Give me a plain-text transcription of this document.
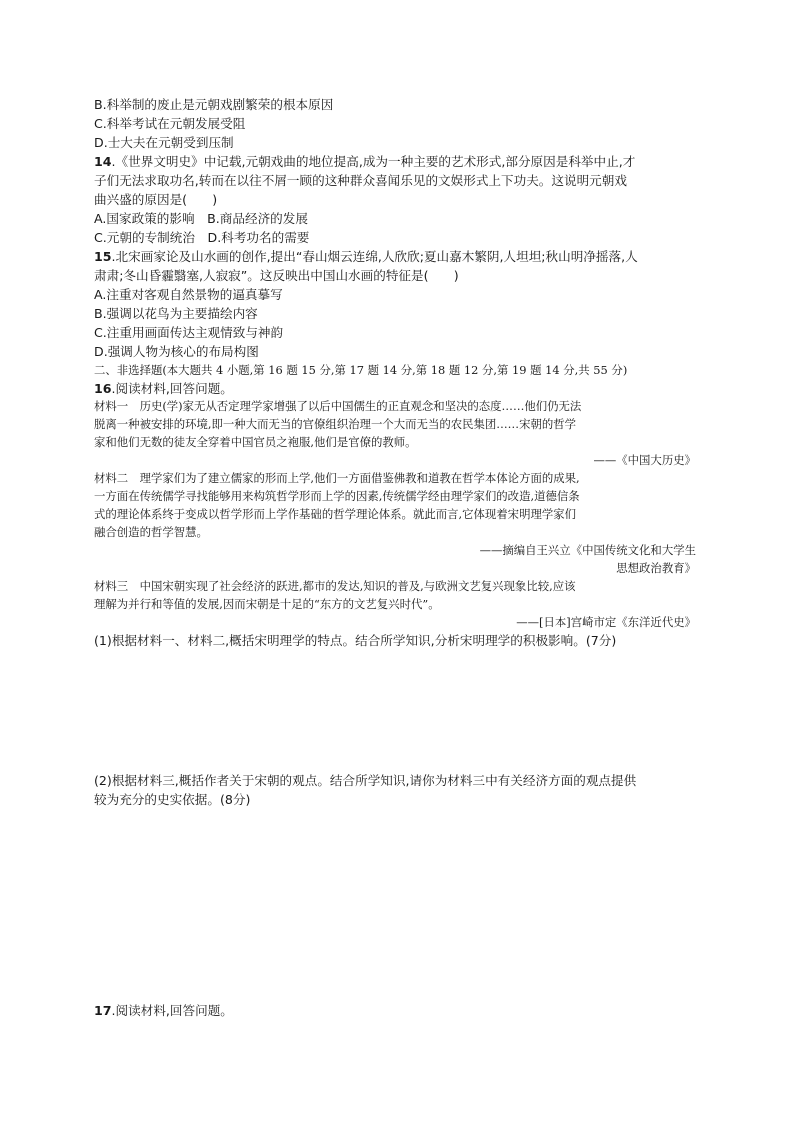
B.科举制的废止是元朝戏剧繁荣的根本原因
C.科举考试在元朝发展受阻
D.士大夫在元朝受到压制
14.《世界文明史》中记载,元朝戏曲的地位提高,成为一种主要的艺术形式,部分原因是科举中止,才
子们无法求取功名,转而在以往不屑一顾的这种群众喜闻乐见的文娱形式上下功夫。这说明元朝戏
曲兴盛的原因是(　　)
A.国家政策的影响　B.商品经济的发展
C.元朝的专制统治　D.科考功名的需要
15.北宋画家论及山水画的创作,提出“春山烟云连绵,人欣欣;夏山嘉木繁阴,人坦坦;秋山明净摇落,人
肃肃;冬山昏霾翳塞,人寂寂”。这反映出中国山水画的特征是(　　)
A.注重对客观自然景物的逼真摹写
B.强调以花鸟为主要描绘内容
C.注重用画面传达主观情致与神韵
D.强调人物为核心的布局构图
二、非选择题(本大题共 4 小题,第 16 题 15 分,第 17 题 14 分,第 18 题 12 分,第 19 题 14 分,共 55 分)
16.阅读材料,回答问题。
材料一　历史(学)家无从否定理学家增强了以后中国儒生的正直观念和坚决的态度……他们仍无法
脱离一种被安排的环境,即一种大而无当的官僚组织治理一个大而无当的农民集团……宋朝的哲学
家和他们无数的徒友全穿着中国官员之袍服,他们是官僚的教师。
——《中国大历史》
材料二　理学家们为了建立儒家的形而上学,他们一方面借鉴佛教和道教在哲学本体论方面的成果,
一方面在传统儒学寻找能够用来构筑哲学形而上学的因素,传统儒学经由理学家们的改造,道德信条
式的理论体系终于变成以哲学形而上学作基础的哲学理论体系。就此而言,它体现着宋明理学家们
融合创造的哲学智慧。
——摘编自王兴立《中国传统文化和大学生
思想政治教育》
材料三　中国宋朝实现了社会经济的跃进,都市的发达,知识的普及,与欧洲文艺复兴现象比较,应该
理解为并行和等值的发展,因而宋朝是十足的“东方的文艺复兴时代”。
——[日本]宫崎市定《东洋近代史》
(1)根据材料一、材料二,概括宋明理学的特点。结合所学知识,分析宋明理学的积极影响。(7分)
(2)根据材料三,概括作者关于宋朝的观点。结合所学知识,请你为材料三中有关经济方面的观点提供
较为充分的史实依据。(8分)
17.阅读材料,回答问题。
